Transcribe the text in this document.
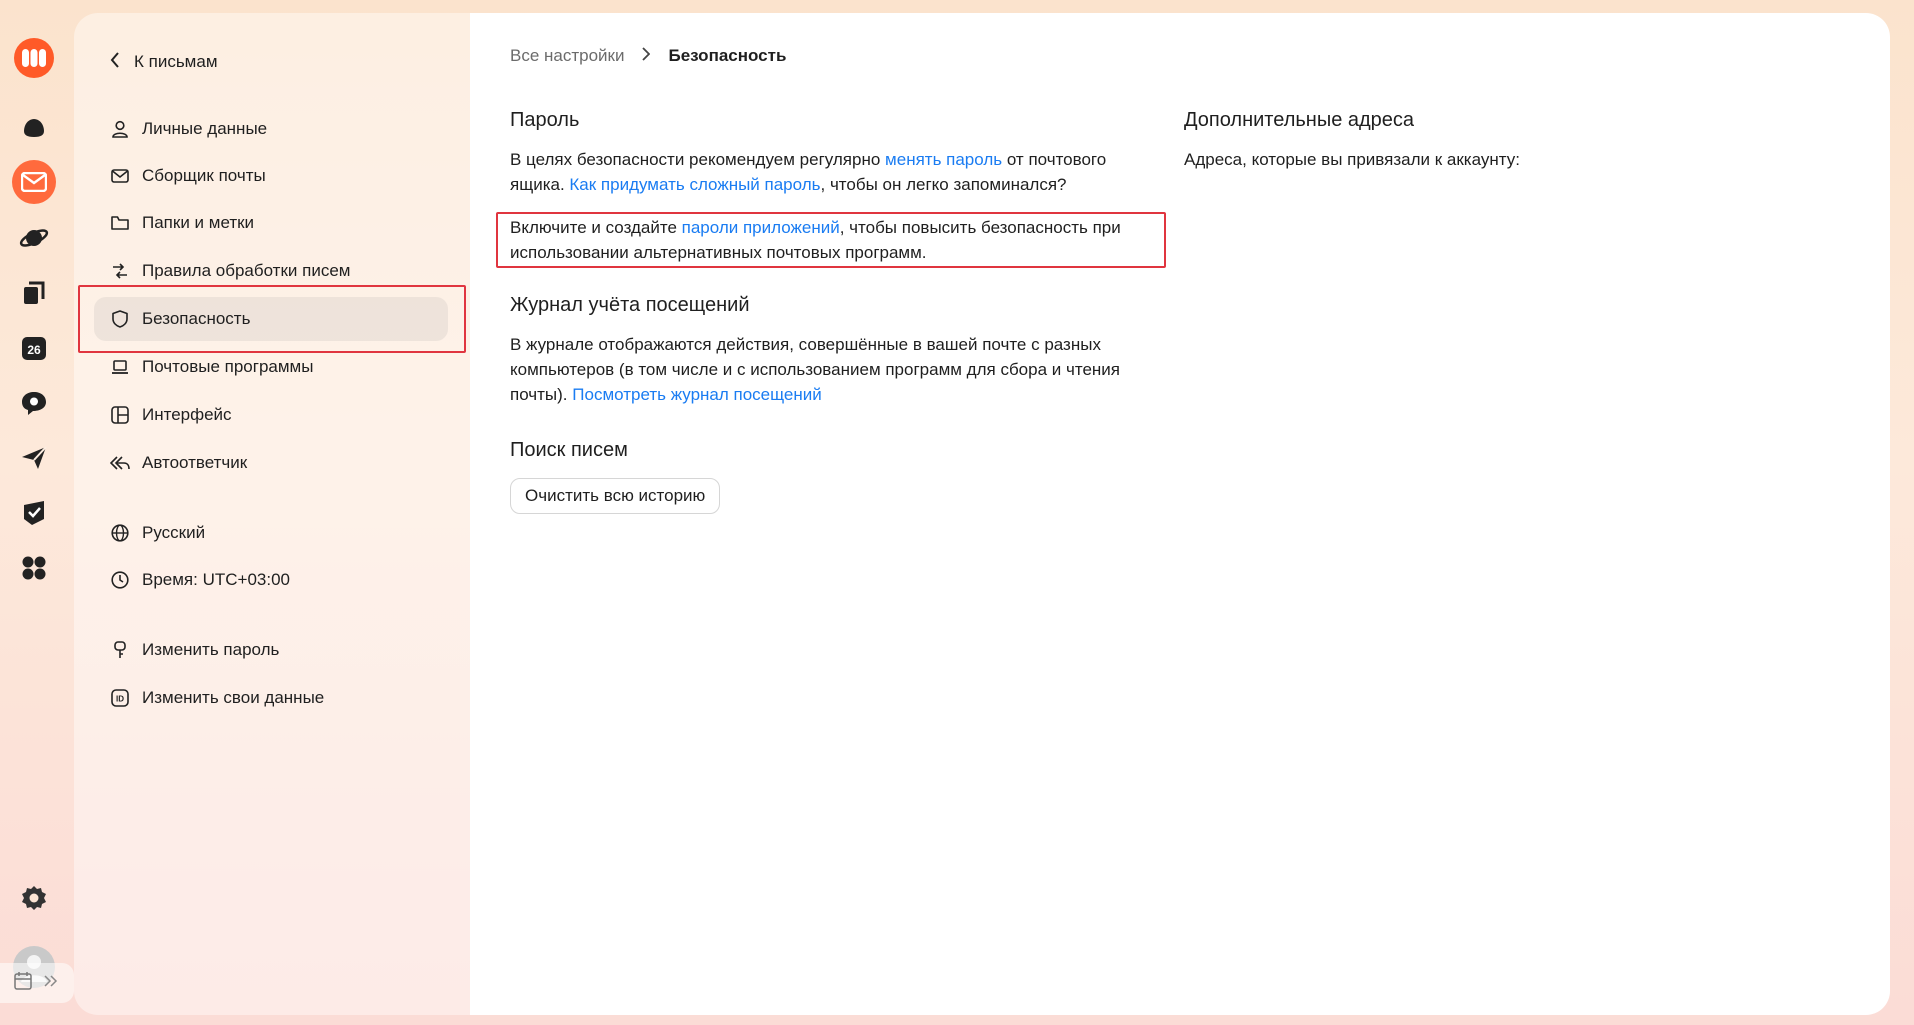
26
К письмам
Личные данные
Сборщик почты
Папки и метки
Правила обработки писем
Безопасность
Почтовые программы
Интерфейс
Автоответчик
Русский
Время: UTC+03:00
Изменить пароль
ID Изменить свои данные
Все настройки	Безопасность
Пароль
В целях безопасности рекомендуем регулярно менять пароль от почтового ящика. Как придумать сложный пароль, чтобы он легко запоминался?
Включите и создайте пароли приложений, чтобы повысить безопасность при использовании альтернативных почтовых программ.
Журнал учёта посещений
В журнале отображаются действия, совершённые в вашей почте с разных компьютеров (в том числе и с использованием программ для сбора и чтения почты). Посмотреть журнал посещений
Поиск писем
Очистить всю историю
Дополнительные адреса
Адреса, которые вы привязали к аккаунту:
